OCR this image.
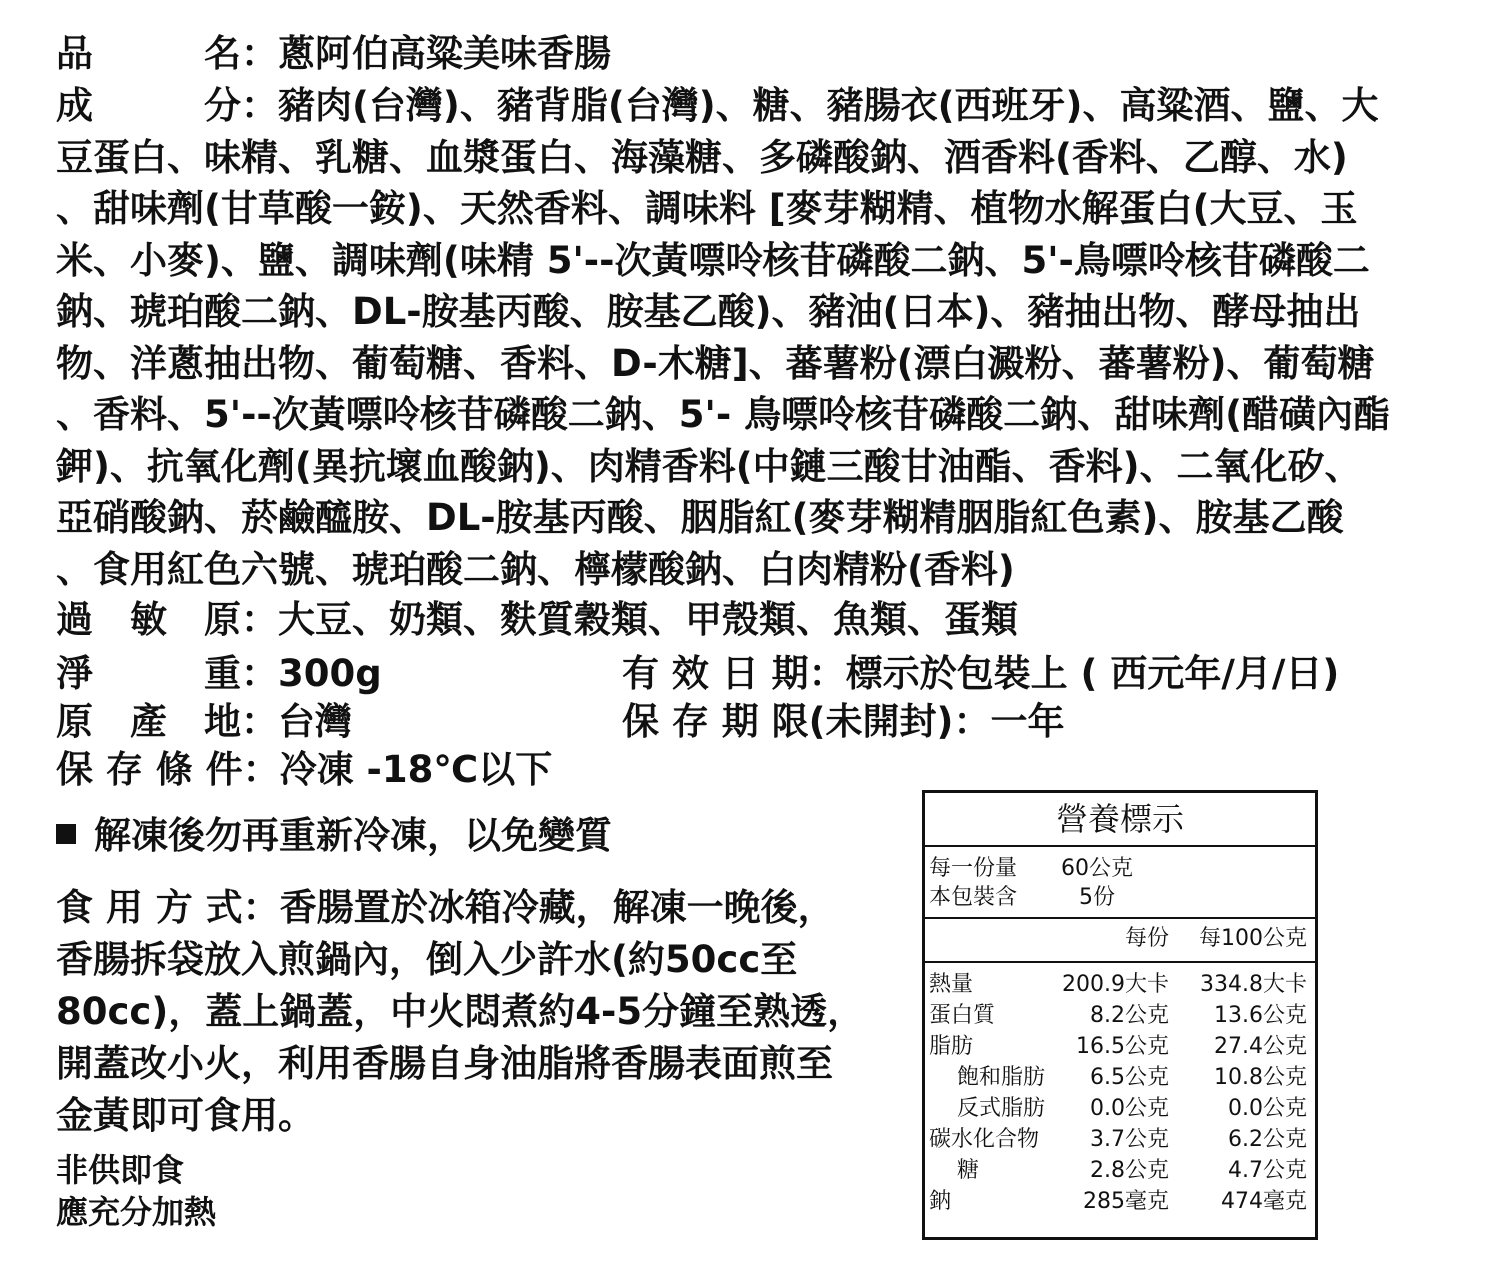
品　　　名：蔥阿伯高粱美味香腸
成　　　分：豬肉(台灣)、豬背脂(台灣)、糖、豬腸衣(西班牙)、高粱酒、鹽、大
豆蛋白、味精、乳糖、血漿蛋白、海藻糖、多磷酸鈉、酒香料(香料、乙醇、水)
、甜味劑(甘草酸一銨)、天然香料、調味料 [麥芽糊精、植物水解蛋白(大豆、玉
米、小麥)、鹽、調味劑(味精 5'--次黃嘌呤核苷磷酸二鈉、5'-鳥嘌呤核苷磷酸二
鈉、琥珀酸二鈉、DL-胺基丙酸、胺基乙酸)、豬油(日本)、豬抽出物、酵母抽出
物、洋蔥抽出物、葡萄糖、香料、D-木糖]、蕃薯粉(漂白澱粉、蕃薯粉)、葡萄糖
、香料、5'--次黃嘌呤核苷磷酸二鈉、5'- 鳥嘌呤核苷磷酸二鈉、甜味劑(醋磺內酯
鉀)、抗氧化劑(異抗壞血酸鈉)、肉精香料(中鏈三酸甘油酯、香料)、二氧化矽、
亞硝酸鈉、菸鹼醯胺、DL-胺基丙酸、胭脂紅(麥芽糊精胭脂紅色素)、胺基乙酸
、食用紅色六號、琥珀酸二鈉、檸檬酸鈉、白肉精粉(香料)
過　敏　原：大豆、奶類、麩質穀類、甲殼類、魚類、蛋類
淨　　　重：300g	有 效 日 期：標示於包裝上 ( 西元年/月/日)
原　產　地：台灣	保 存 期 限(未開封)：一年
保 存 條 件：冷凍 -18℃以下
解凍後勿再重新冷凍，以免變質
食 用 方 式：香腸置於冰箱冷藏，解凍一晚後，
香腸拆袋放入煎鍋內，倒入少許水(約50cc至
80cc)，蓋上鍋蓋，中火悶煮約4-5分鐘至熟透，
開蓋改小火，利用香腸自身油脂將香腸表面煎至
金黃即可食用。
非供即食
應充分加熱
營養標示
每一份量 60公克
本包裝含	5份
每份 每100公克
熱量	200.9大卡 334.8大卡
蛋白質	8.2公克 13.6公克
脂肪	16.5公克 27.4公克
飽和脂肪 6.5公克 10.8公克
反式脂肪 0.0公克	0.0公克
碳水化合物 3.7公克	6.2公克
糖	2.8公克	4.7公克
鈉	285毫克 474毫克
